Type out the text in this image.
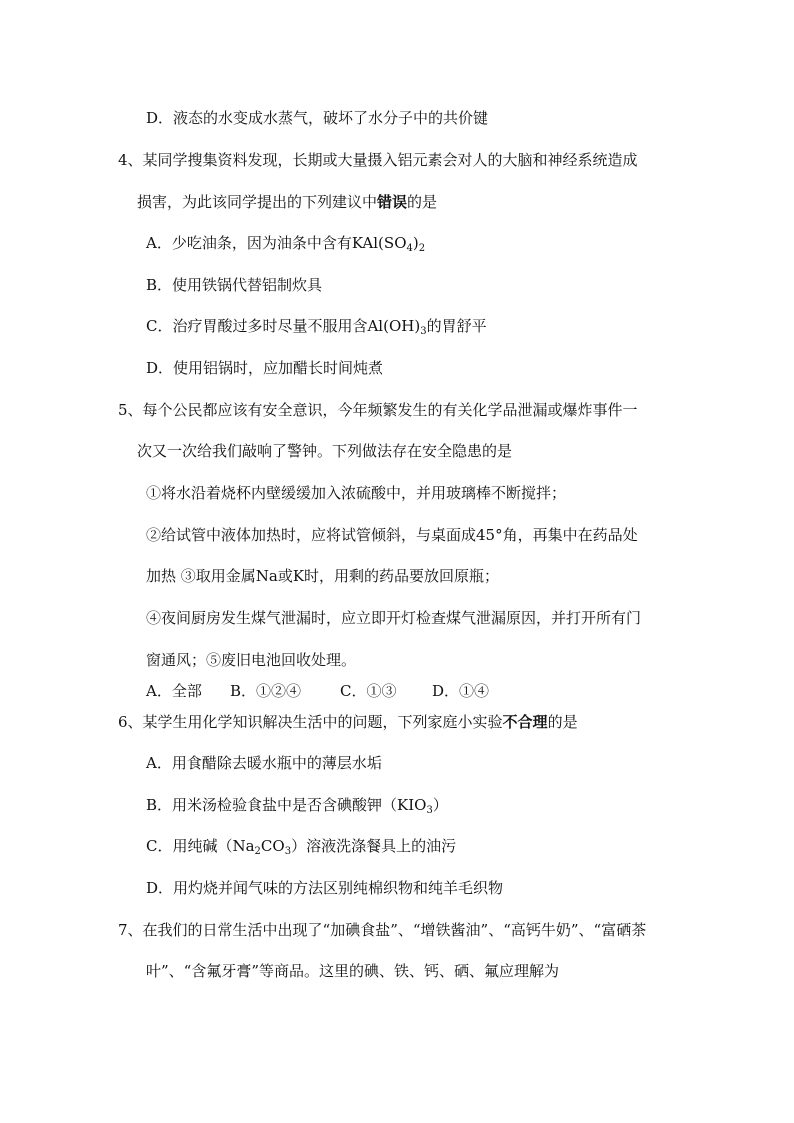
D．液态的水变成水蒸气，破坏了水分子中的共价键
4、某同学搜集资料发现，长期或大量摄入铝元素会对人的大脑和神经系统造成
损害，为此该同学提出的下列建议中错误的是
A．少吃油条，因为油条中含有$KAl(SO_4)_2$
B．使用铁锅代替铝制炊具
C．治疗胃酸过多时尽量不服用含$Al(OH)_3$的胃舒平
D．使用铝锅时，应加醋长时间炖煮
5、每个公民都应该有安全意识，今年频繁发生的有关化学品泄漏或爆炸事件一
次又一次给我们敲响了警钟。下列做法存在安全隐患的是
①将水沿着烧杯内壁缓缓加入浓硫酸中，并用玻璃棒不断搅拌；
②给试管中液体加热时，应将试管倾斜，与桌面成45°角，再集中在药品处
加热 ③取用金属Na或K时，用剩的药品要放回原瓶；
④夜间厨房发生煤气泄漏时，应立即开灯检查煤气泄漏原因，并打开所有门
窗通风；⑤废旧电池回收处理。
A．全部 B．①②④	C．①③ D．①④
6、某学生用化学知识解决生活中的问题，下列家庭小实验不合理的是
A．用食醋除去暖水瓶中的薄层水垢
B．用米汤检验食盐中是否含碘酸钾$(KIO_3)$
C．用纯碱$(Na_2CO_3)$溶液洗涤餐具上的油污
D．用灼烧并闻气味的方法区别纯棉织物和纯羊毛织物
7、在我们的日常生活中出现了“加碘食盐”、“增铁酱油”、“高钙牛奶”、“富硒茶
叶”、“含氟牙膏”等商品。这里的碘、铁、钙、硒、氟应理解为
